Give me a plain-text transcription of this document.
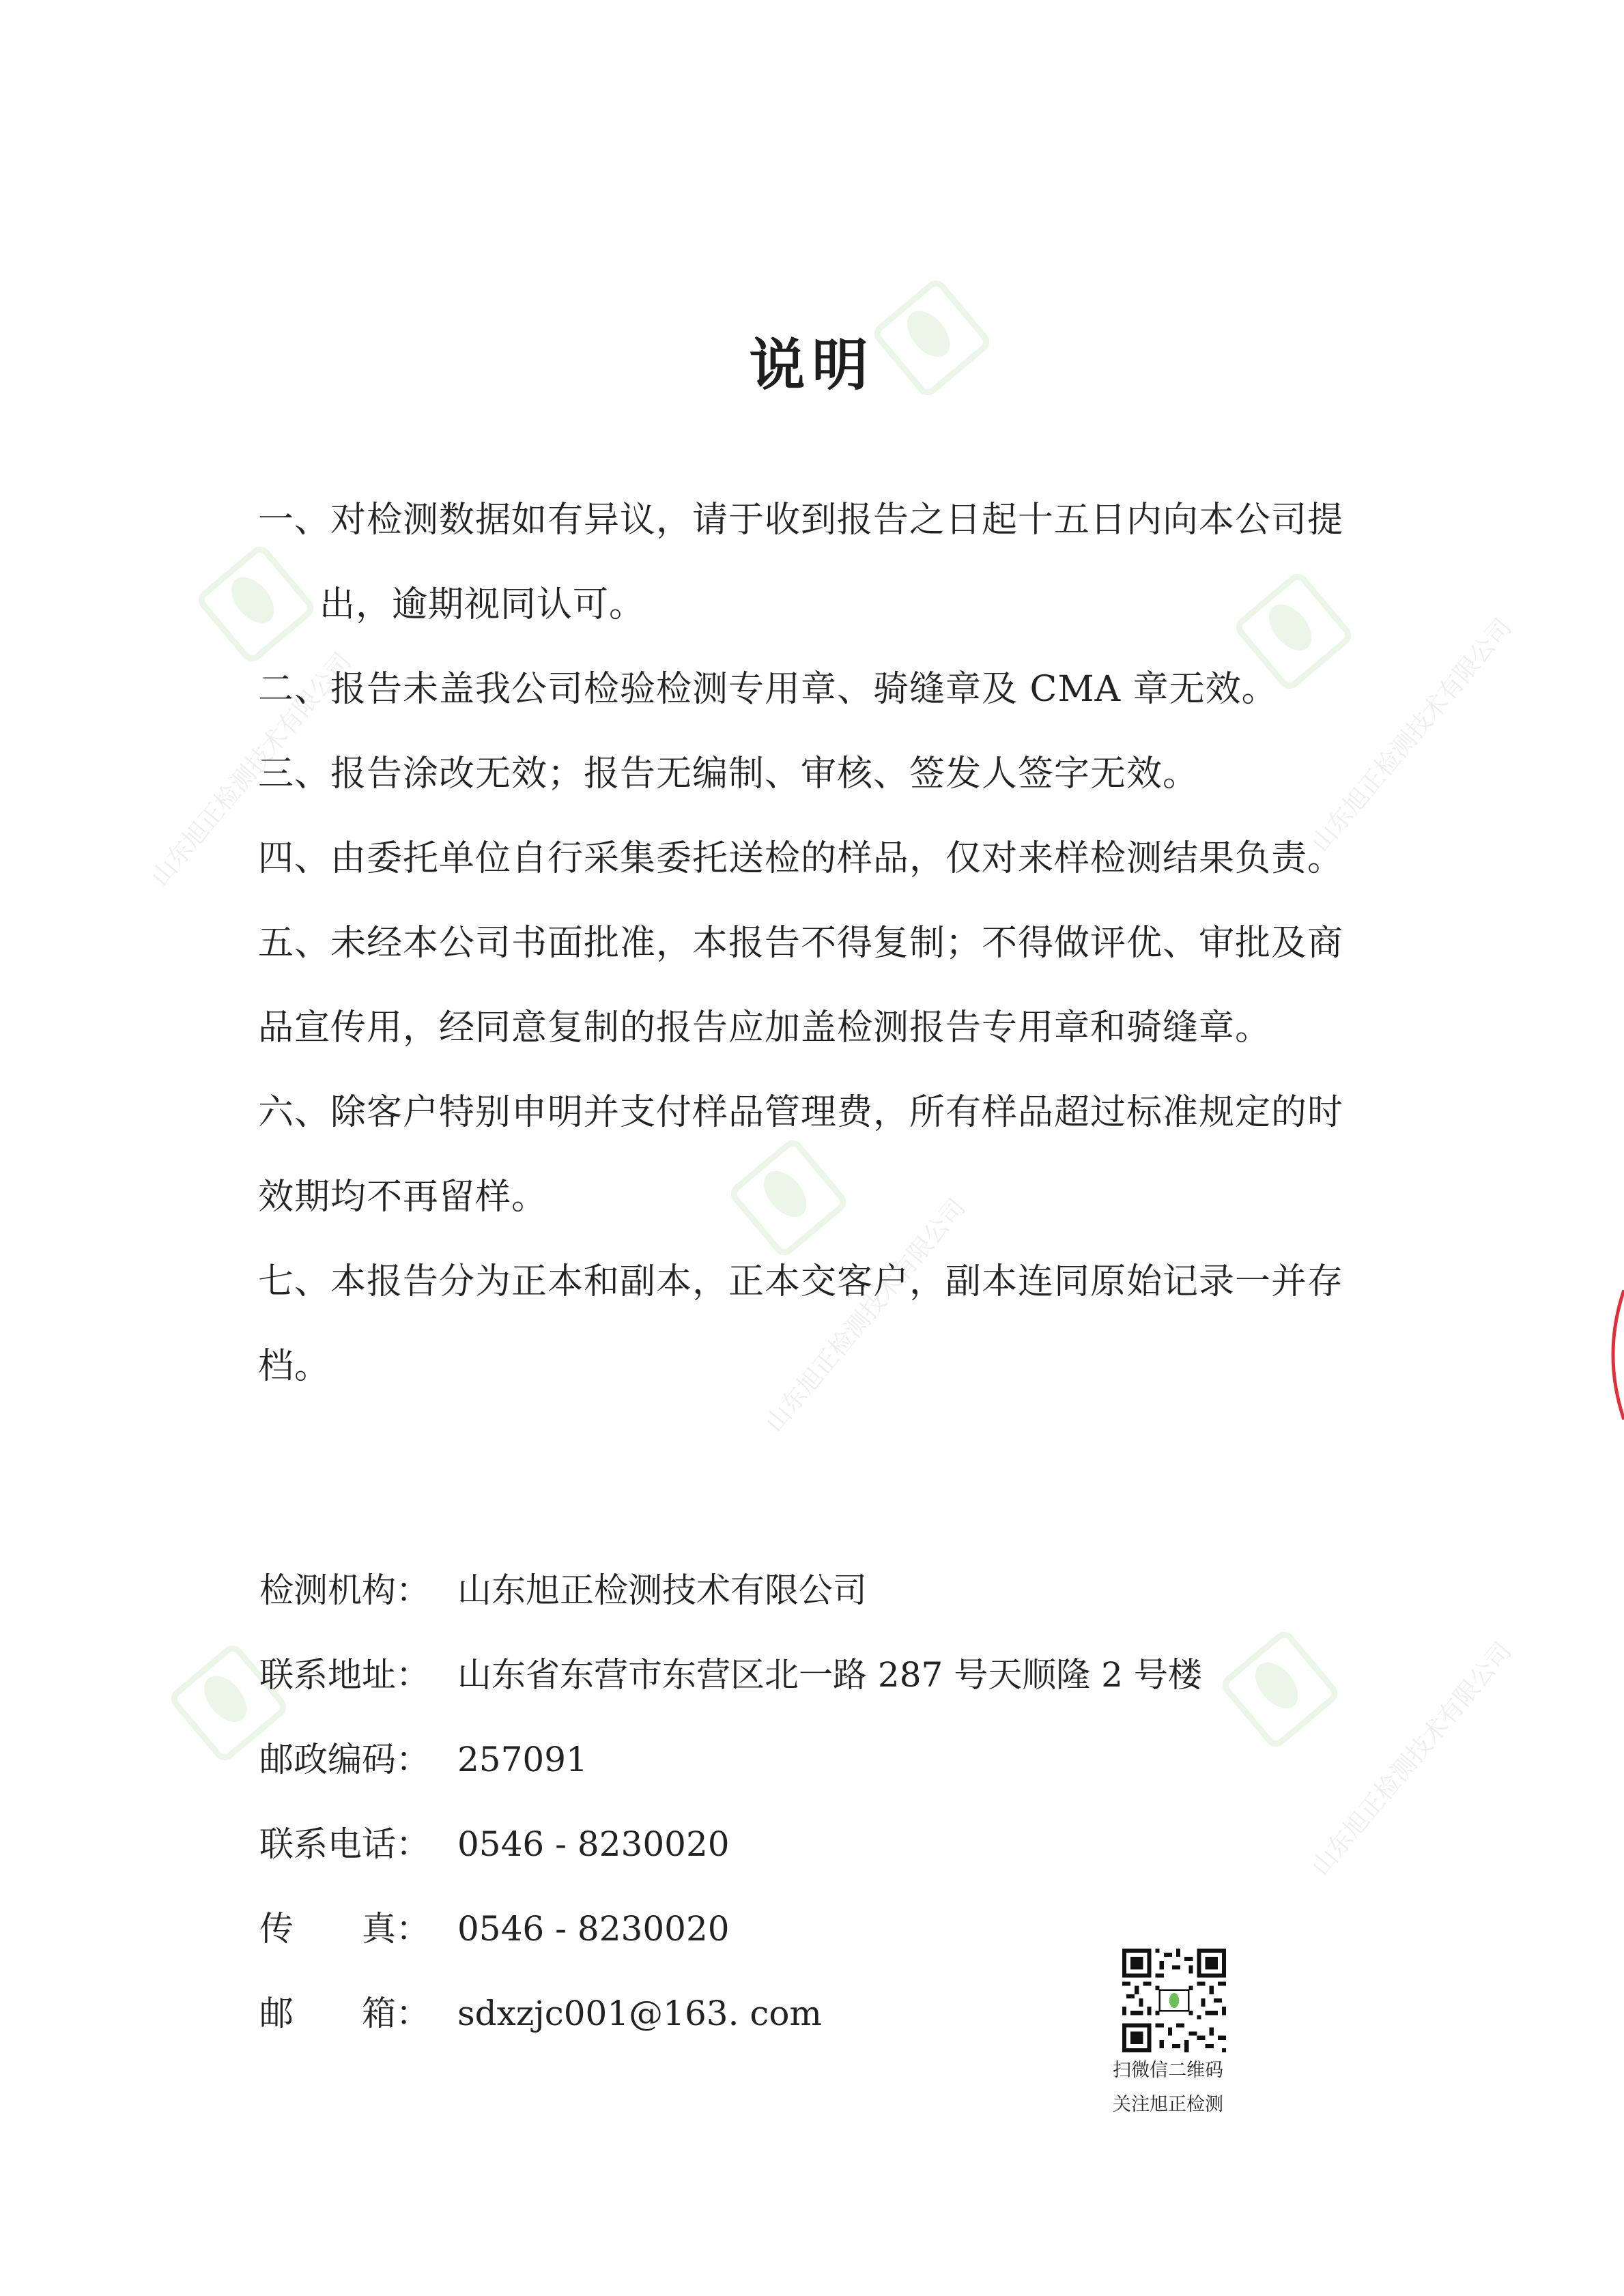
山东旭正检测技术有限公司
山东旭正检测技术有限公司
山东旭正检测技术有限公司
山东旭正检测技术有限公司
说明
一、对检测数据如有异议，请于收到报告之日起十五日内向本公司提
出，逾期视同认可。
二、报告未盖我公司检验检测专用章、骑缝章及 CMA 章无效。
三、报告涂改无效；报告无编制、审核、签发人签字无效。
四、由委托单位自行采集委托送检的样品，仅对来样检测结果负责。
五、未经本公司书面批准，本报告不得复制；不得做评优、审批及商
品宣传用，经同意复制的报告应加盖检测报告专用章和骑缝章。
六、除客户特别申明并支付样品管理费，所有样品超过标准规定的时
效期均不再留样。
七、本报告分为正本和副本，正本交客户，副本连同原始记录一并存档。
检测机构： 山东旭正检测技术有限公司
联系地址： 山东省东营市东营区北一路 287 号天顺隆 2 号楼
邮政编码： 257091
联系电话： 0546 - 8230020
传　　真： 0546 - 8230020
邮　　箱： sdxzjc001@163. com
扫微信二维码
关注旭正检测
